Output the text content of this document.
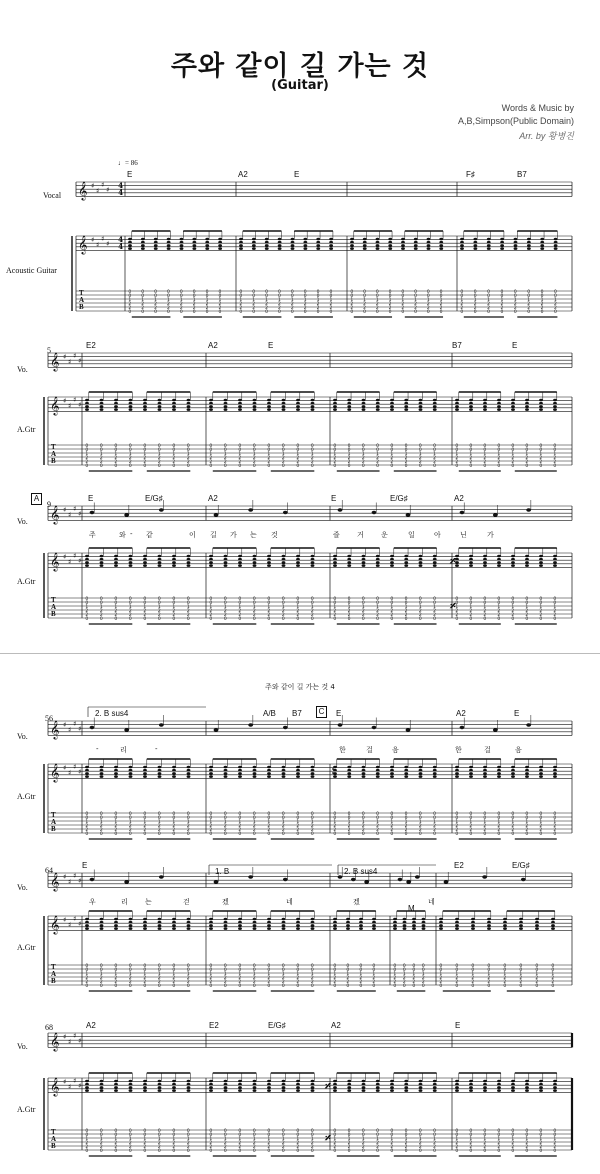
주와 같이 길 가는 것
(Guitar)
Words & Music by
A,B,Simpson(Public Domain)
Arr. by 황병진
♩= 86
Vocal
Acoustic Guitar
Vo.
A.Gtr
Vo.
A.Gtr
Vo.
A.Gtr
Vo.
A.Gtr
Vo.
A.Gtr
5
9
56
64
68
A
C
주와 같이 길 가는 것 4
2. B sus4
1. B	2. B sus4
M
E	A2	E	F♯	B7
E2	A2	E	B7	E
E	E/G♯	A2	E	E/G♯	A2
A/B B7	E	A2	E
E	E2	E/G♯
A2	E2	E/G♯	A2	E
주	와 - 같	이 길 가 는 것	즐 거 운	일	아	닌	가
-	리	-	한	걸	음	한	걸	음
우	리 는	걷	겠	네	겠	네
T
A
B
T
A
B
T
A
B
T
A
B
T
A
B
T
A
B
𝄞
𝄞
♯
♯
♯
♯
♯
♯
♯
♯
0
0
1
2
2
0
0
0
1
2
2
0
0
0
1
2
2
0
0
0
1
2
2
0
0
0
1
2
2
0
0
0
1
2
2
0
0
0
1
2
2
0
0
0
1
2
2
0
0
0
1
2
2
0
0
0
1
2
2
0
0
0
1
2
2
0
0
0
1
2
2
0
0
0
1
2
2
0
0
0
1
2
2
0
0
0
1
2
2
0
0
0
1
2
2
0
0
0
1
2
2
0
0
0
1
2
2
0
0
0
1
2
2
0
0
0
1
2
2
0
0
0
1
2
2
0
0
0
1
2
2
0
0
0
1
2
2
0
0
0
1
2
2
0
0
0
1
2
2
0
0
0
1
2
2
0
0
0
1
2
2
0
0
0
1
2
2
0
0
0
1
2
2
0
0
0
1
2
2
0
0
0
1
2
2
0
0
0
1
2
2
0
𝄞
𝄞
♯
♯
♯
♯
♯
♯
♯
♯
0
0
1
2
2
0
0
0
1
2
2
0
0
0
1
2
2
0
0
0
1
2
2
0
0
0
1
2
2
0
0
0
1
2
2
0
0
0
1
2
2
0
0
0
1
2
2
0
0
0
1
2
2
0
0
0
1
2
2
0
0
0
1
2
2
0
0
0
1
2
2
0
0
0
1
2
2
0
0
0
1
2
2
0
0
0
1
2
2
0
0
0
1
2
2
0
0
0
1
2
2
0
0
0
1
2
2
0
0
0
1
2
2
0
0
0
1
2
2
0
0
0
1
2
2
0
0
0
1
2
2
0
0
0
1
2
2
0
0
0
1
2
2
0
0
0
1
2
2
0
0
0
1
2
2
0
0
0
1
2
2
0
0
0
1
2
2
0
0
0
1
2
2
0
0
0
1
2
2
0
0
0
1
2
2
0
0
0
1
2
2
0
𝄞
𝄞
♯
♯
♯
♯
♯
♯
♯
♯
0
0
1
2
2
0
0
0
1
2
2
0
0
0
1
2
2
0
0
0
1
2
2
0
0
0
1
2
2
0
0
0
1
2
2
0
0
0
1
2
2
0
0
0
1
2
2
0
0
0
1
2
2
0
0
0
1
2
2
0
0
0
1
2
2
0
0
0
1
2
2
0
0
0
1
2
2
0
0
0
1
2
2
0
0
0
1
2
2
0
0
0
1
2
2
0
0
0
1
2
2
0
0
0
1
2
2
0
0
0
1
2
2
0
0
0
1
2
2
0
0
0
1
2
2
0
0
0
1
2
2
0
0
0
1
2
2
0
0
0
1
2
2
0
0
0
1
2
2
0
0
0
1
2
2
0
0
0
1
2
2
0
0
0
1
2
2
0
0
0
1
2
2
0
0
0
1
2
2
0
0
0
1
2
2
0
0
0
1
2
2
0
𝄞
𝄞
♯
♯
♯
♯
♯
♯
♯
♯
0
0
1
2
2
0
0
0
1
2
2
0
0
0
1
2
2
0
0
0
1
2
2
0
0
0
1
2
2
0
0
0
1
2
2
0
0
0
1
2
2
0
0
0
1
2
2
0
0
0
1
2
2
0
0
0
1
2
2
0
0
0
1
2
2
0
0
0
1
2
2
0
0
0
1
2
2
0
0
0
1
2
2
0
0
0
1
2
2
0
0
0
1
2
2
0
0
0
1
2
2
0
0
0
1
2
2
0
0
0
1
2
2
0
0
0
1
2
2
0
0
0
1
2
2
0
0
0
1
2
2
0
0
0
1
2
2
0
0
0
1
2
2
0
0
0
1
2
2
0
0
0
1
2
2
0
0
0
1
2
2
0
0
0
1
2
2
0
0
0
1
2
2
0
0
0
1
2
2
0
0
0
1
2
2
0
0
0
1
2
2
0
𝄞
𝄞
♯
♯
♯
♯
♯
♯
♯
♯
0
0
1
2
2
0
0
0
1
2
2
0
0
0
1
2
2
0
0
0
1
2
2
0
0
0
1
2
2
0
0
0
1
2
2
0
0
0
1
2
2
0
0
0
1
2
2
0
0
0
1
2
2
0
0
0
1
2
2
0
0
0
1
2
2
0
0
0
1
2
2
0
0
0
1
2
2
0
0
0
1
2
2
0
0
0
1
2
2
0
0
0
1
2
2
0
0
0
1
2
2
0
0
0
1
2
2
0
0
0
1
2
2
0
0
0
1
2
2
0
0
0
1
2
2
0
0
0
1
2
2
0
0
0
1
2
2
0
0
0
1
2
2
0
0
0
1
2
2
0
0
0
1
2
2
0
0
0
1
2
2
0
0
0
1
2
2
0
0
0
1
2
2
0
0
0
1
2
2
0
0
0
1
2
2
0
0
0
1
2
2
0
𝄞
𝄞
♯
♯
♯
♯
♯
♯
♯
♯
0
0
1
2
2
0
0
0
1
2
2
0
0
0
1
2
2
0
0
0
1
2
2
0
0
0
1
2
2
0
0
0
1
2
2
0
0
0
1
2
2
0
0
0
1
2
2
0
0
0
1
2
2
0
0
0
1
2
2
0
0
0
1
2
2
0
0
0
1
2
2
0
0
0
1
2
2
0
0
0
1
2
2
0
0
0
1
2
2
0
0
0
1
2
2
0
0
0
1
2
2
0
0
0
1
2
2
0
0
0
1
2
2
0
0
0
1
2
2
0
0
0
1
2
2
0
0
0
1
2
2
0
0
0
1
2
2
0
0
0
1
2
2
0
0
0
1
2
2
0
0
0
1
2
2
0
0
0
1
2
2
0
0
0
1
2
2
0
0
0
1
2
2
0
0
0
1
2
2
0
0
0
1
2
2
0
0
0
1
2
2
0
4
4
4
4
𝄎
𝄎
𝄎
𝄎
